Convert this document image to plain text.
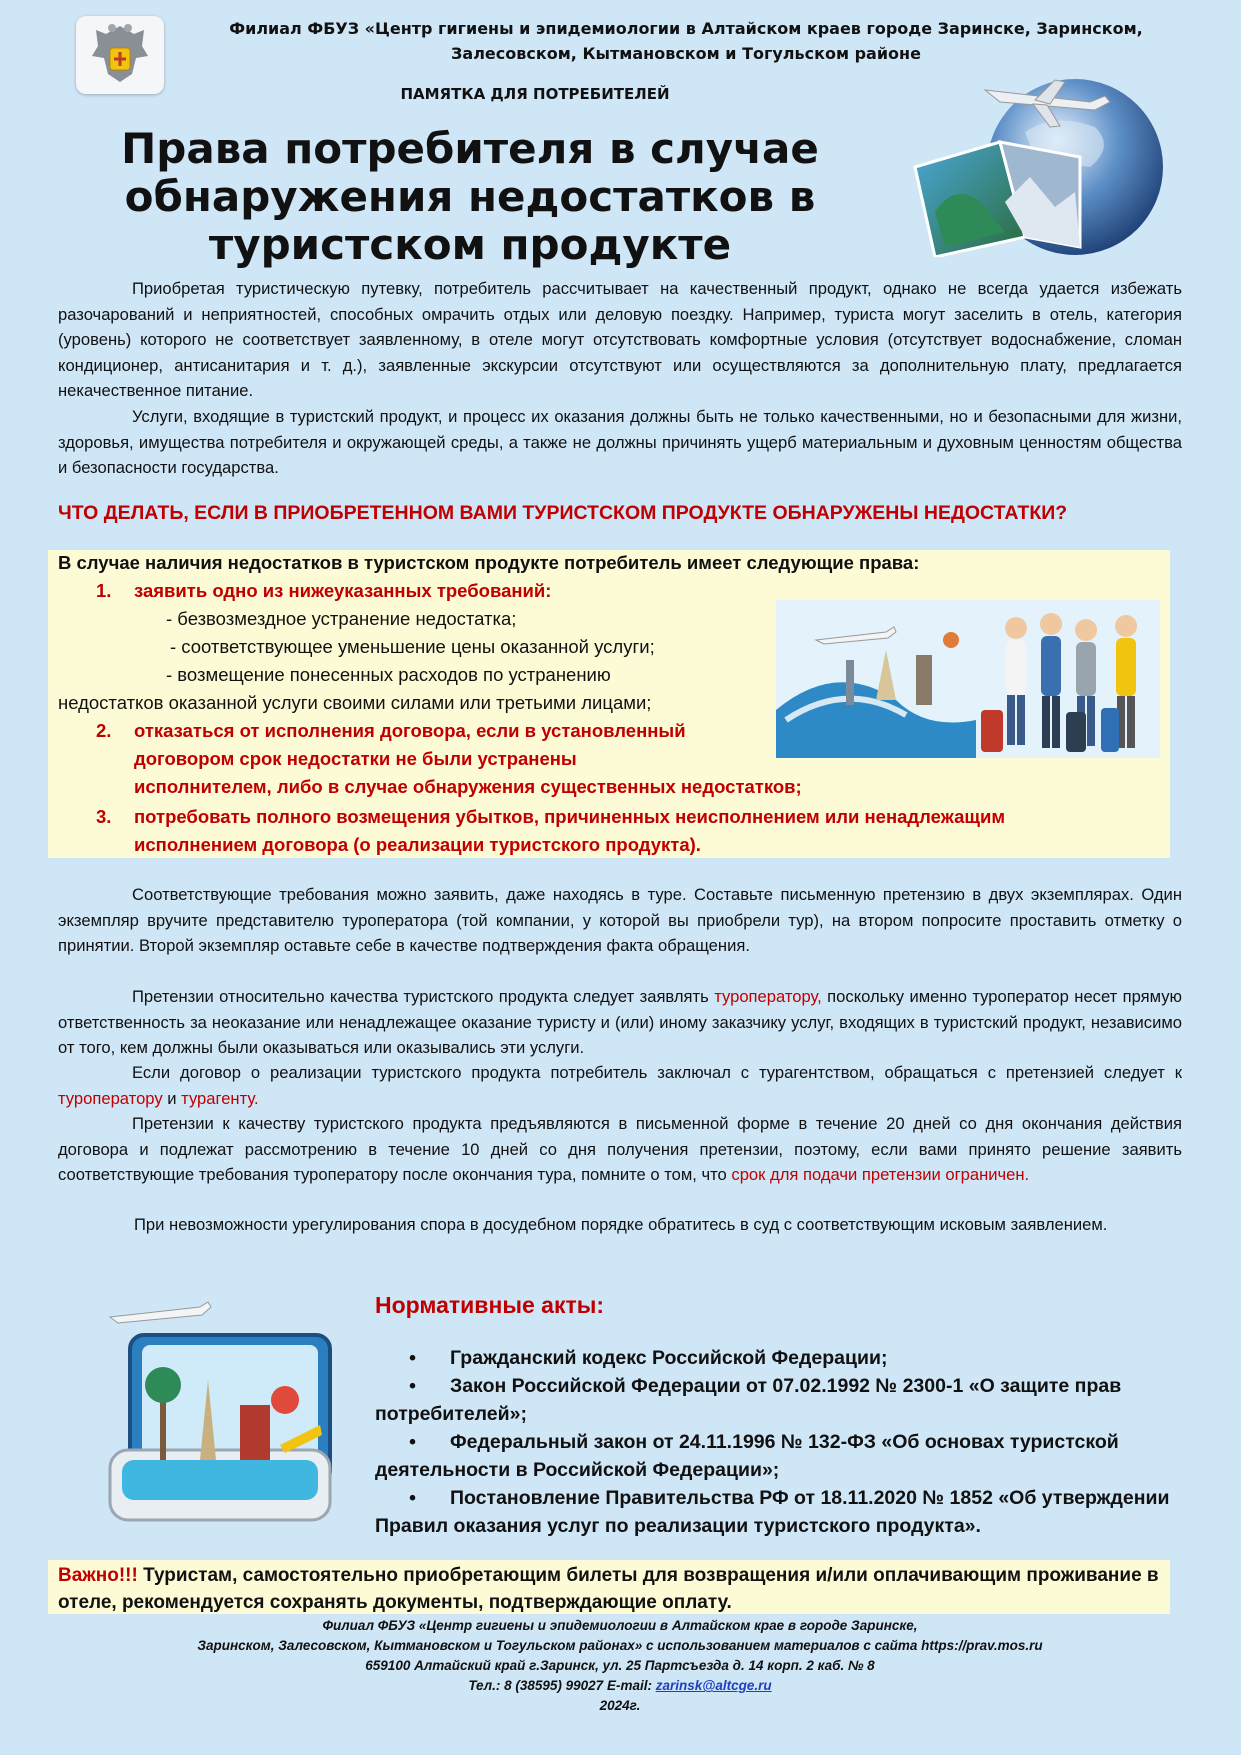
Филиал ФБУЗ «Центр гигиены и эпидемиологии в Алтайском краев городе Заринске, Заринском,
Залесовском, Кытмановском и Тогульском районе
ПАМЯТКА ДЛЯ ПОТРЕБИТЕЛЕЙ
Права потребителя в случае
обнаружения недостатков в
туристском продукте

Приобретая туристическую путевку, потребитель рассчитывает на качественный продукт, однако не всегда удается избежать разочарований и неприятностей, способных омрачить отдых или деловую поездку. Например, туриста могут заселить в отель, категория (уровень) которого не соответствует заявленному, в отеле могут отсутствовать комфортные условия (отсутствует водоснабжение, сломан кондиционер, антисанитария и т. д.), заявленные экскурсии отсутствуют или осуществляются за дополнительную плату, предлагается некачественное питание.

Услуги, входящие в туристский продукт, и процесс их оказания должны быть не только качественными, но и безопасными для жизни, здоровья, имущества потребителя и окружающей среды, а также не должны причинять ущерб материальным и духовным ценностям общества и безопасности государства.

ЧТО ДЕЛАТЬ, ЕСЛИ В ПРИОБРЕТЕННОМ ВАМИ ТУРИСТСКОМ ПРОДУКТЕ ОБНАРУЖЕНЫ НЕДОСТАТКИ?
В случае наличия недостатков в туристском продукте потребитель имеет следующие права:
1. заявить одно из нижеуказанных требований:
- безвозмездное устранение недостатка;
- соответствующее уменьшение цены оказанной услуги;
- возмещение понесенных расходов по устранению
недостатков оказанной услуги своими силами или третьими лицами;
2. отказаться от исполнения договора, если в установленный
договором срок недостатки не были устранены
исполнителем, либо в случае обнаружения существенных недостатков;
3. потребовать полного возмещения убытков, причиненных неисполнением или ненадлежащим
исполнением договора (о реализации туристского продукта).

Соответствующие требования можно заявить, даже находясь в туре. Составьте письменную претензию в двух экземплярах. Один экземпляр вручите представителю туроператора (той компании, у которой вы приобрели тур), на втором попросите проставить отметку о принятии. Второй экземпляр оставьте себе в качестве подтверждения факта обращения.

Претензии относительно качества туристского продукта следует заявлять туроператору, поскольку именно туроператор несет прямую ответственность за неоказание или ненадлежащее оказание туристу и (или) иному заказчику услуг, входящих в туристский продукт, независимо от того, кем должны были оказываться или оказывались эти услуги.

Если договор о реализации туристского продукта потребитель заключал с турагентством, обращаться с претензией следует к туроператору и турагенту.

Претензии к качеству туристского продукта предъявляются в письменной форме в течение 20 дней со дня окончания действия договора и подлежат рассмотрению в течение 10 дней со дня получения претензии, поэтому, если вами принято решение заявить соответствующие требования туроператору после окончания тура, помните о том, что срок для подачи претензии ограничен.

При невозможности урегулирования спора в досудебном порядке обратитесь в суд с соответствующим исковым заявлением.

Нормативные акты:
• Гражданский кодекс Российской Федерации;
• Закон Российской Федерации от 07.02.1992 № 2300-1 «О защите прав потребителей»;
• Федеральный закон от 24.11.1996 № 132-ФЗ «Об основах туристской деятельности в Российской Федерации»;
• Постановление Правительства РФ от 18.11.2020 № 1852 «Об утверждении Правил оказания услуг по реализации туристского продукта».
Важно!!! Туристам, самостоятельно приобретающим билеты для возвращения и/или оплачивающим проживание в отеле, рекомендуется сохранять документы, подтверждающие оплату.
Филиал ФБУЗ «Центр гигиены и эпидемиологии в Алтайском крае в городе Заринске,
Заринском, Залесовском, Кытмановском и Тогульском районах» с использованием материалов с сайта https://prav.mos.ru
659100 Алтайский край г.Заринск, ул. 25 Партсъезда д. 14 корп. 2 каб. № 8
Тел.: 8 (38595) 99027 E-mail: zarinsk@altcge.ru
2024г.
